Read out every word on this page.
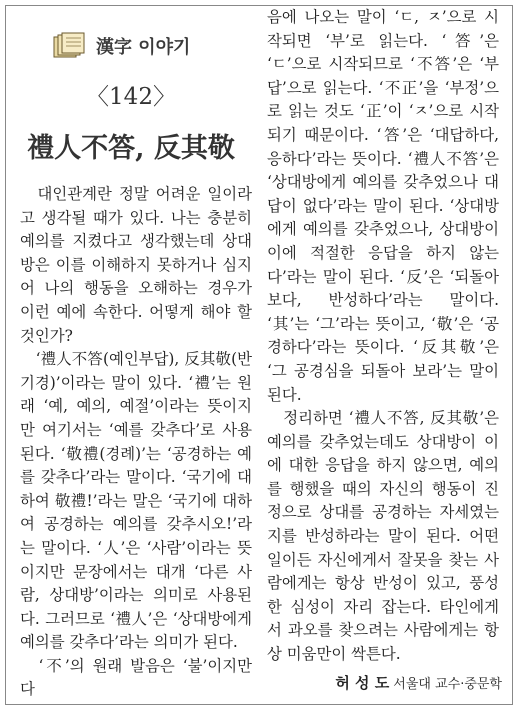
漢字 이야기
〈142〉
禮人不答, 反其敬

　대인관계란 정말 어려운 일이라고 생각될 때가 있다. 나는 충분히 예의를 지켰다고 생각했는데 상대방은 이를 이해하지 못하거나 심지어 나의 행동을 오해하는 경우가 이런 예에 속한다. 어떻게 해야 할 것인가?

　‘禮人不答(예인부답), 反其敬(반기경)’이라는 말이 있다. ‘禮’는 원래 ‘예, 예의, 예절’이라는 뜻이지만 여기서는 ‘예를 갖추다’로 사용된다. ‘敬禮(경례)’는 ‘공경하는 예를 갖추다’라는 말이다. ‘국기에 대하여 敬禮!’라는 말은 ‘국기에 대하여 공경하는 예의를 갖추시오!’라는 말이다. ‘人’은 ‘사람’이라는 뜻이지만 문장에서는 대개 ‘다른 사람, 상대방’이라는 의미로 사용된다. 그러므로 ‘禮人’은 ‘상대방에게 예의를 갖추다’라는 의미가 된다.

　‘不’의 원래 발음은 ‘불’이지만 다

음에 나오는 말이 ‘ㄷ, ㅈ’으로 시작되면 ‘부’로 읽는다. ‘答’은 ‘ㄷ’으로 시작되므로 ‘不答’은 ‘부답’으로 읽는다. ‘不正’을 ‘부정’으로 읽는 것도 ‘正’이 ‘ㅈ’으로 시작되기 때문이다. ‘答’은 ‘대답하다, 응하다’라는 뜻이다. ‘禮人不答’은 ‘상대방에게 예의를 갖추었으나 대답이 없다’라는 말이 된다. ‘상대방에게 예의를 갖추었으나, 상대방이 이에 적절한 응답을 하지 않는다’라는 말이 된다. ‘反’은 ‘되돌아보다, 반성하다’라는 말이다. ‘其’는 ‘그’라는 뜻이고, ‘敬’은 ‘공경하다’라는 뜻이다. ‘反其敬’은 ‘그 공경심을 되돌아 보라’는 말이 된다.

　정리하면 ‘禮人不答, 反其敬’은 예의를 갖추었는데도 상대방이 이에 대한 응답을 하지 않으면, 예의를 행했을 때의 자신의 행동이 진정으로 상대를 공경하는 자세였는지를 반성하라는 말이 된다. 어떤 일이든 자신에게서 잘못을 찾는 사람에게는 항상 반성이 있고, 풍성한 심성이 자리 잡는다. 타인에게서 과오를 찾으려는 사람에게는 항상 미움만이 싹튼다.

허 성 도 서울대 교수·중문학
